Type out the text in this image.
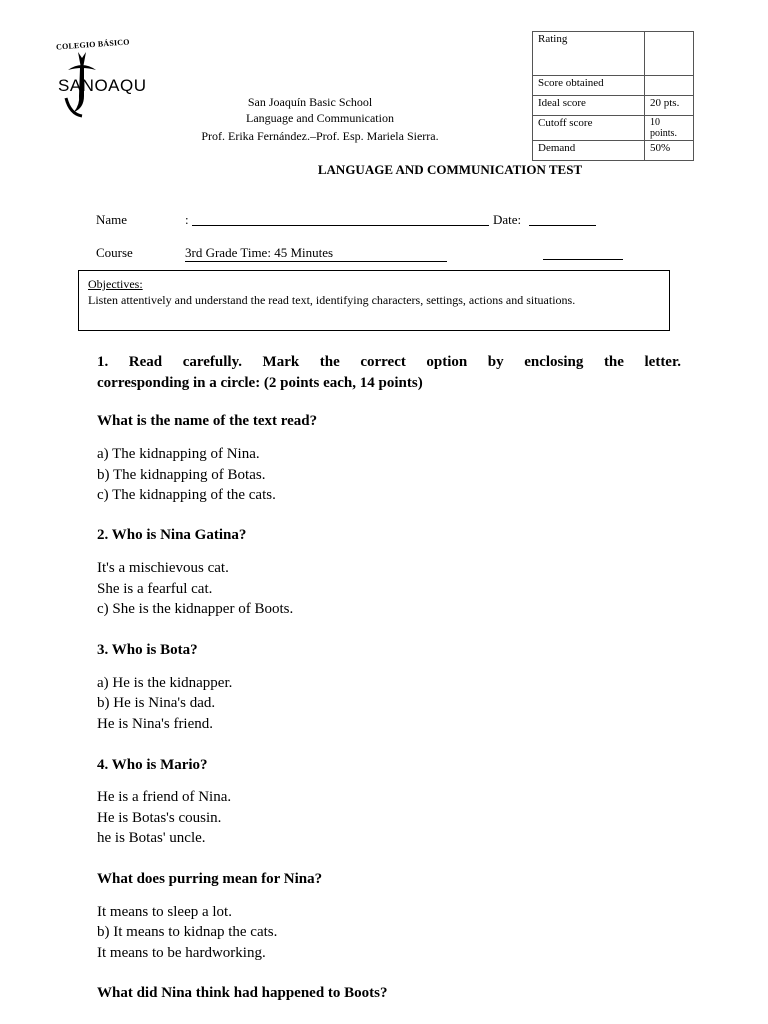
COLEGIO BÁSICO
SANOAQU
San Joaquín Basic School
Language and Communication
Prof. Erika Fernández.–Prof. Esp. Mariela Sierra.
Rating	
Score obtained	
Ideal score	20 pts.
Cutoff score	10 points.
Demand	50%
LANGUAGE AND COMMUNICATION TEST
Name	:	Date:
Course	3rd Grade Time: 45 Minutes
Objectives:
Listen attentively and understand the read text, identifying characters, settings, actions and situations.
1. Read carefully. Mark the correct option by enclosing the letter.
corresponding in a circle: (2 points each, 14 points)
What is the name of the text read?
a) The kidnapping of Nina.
b) The kidnapping of Botas.
c) The kidnapping of the cats.
2. Who is Nina Gatina?
It's a mischievous cat.
She is a fearful cat.
c) She is the kidnapper of Boots.
3. Who is Bota?
a) He is the kidnapper.
b) He is Nina's dad.
He is Nina's friend.
4. Who is Mario?
He is a friend of Nina.
He is Botas's cousin.
he is Botas' uncle.
What does purring mean for Nina?
It means to sleep a lot.
b) It means to kidnap the cats.
It means to be hardworking.
What did Nina think had happened to Boots?
